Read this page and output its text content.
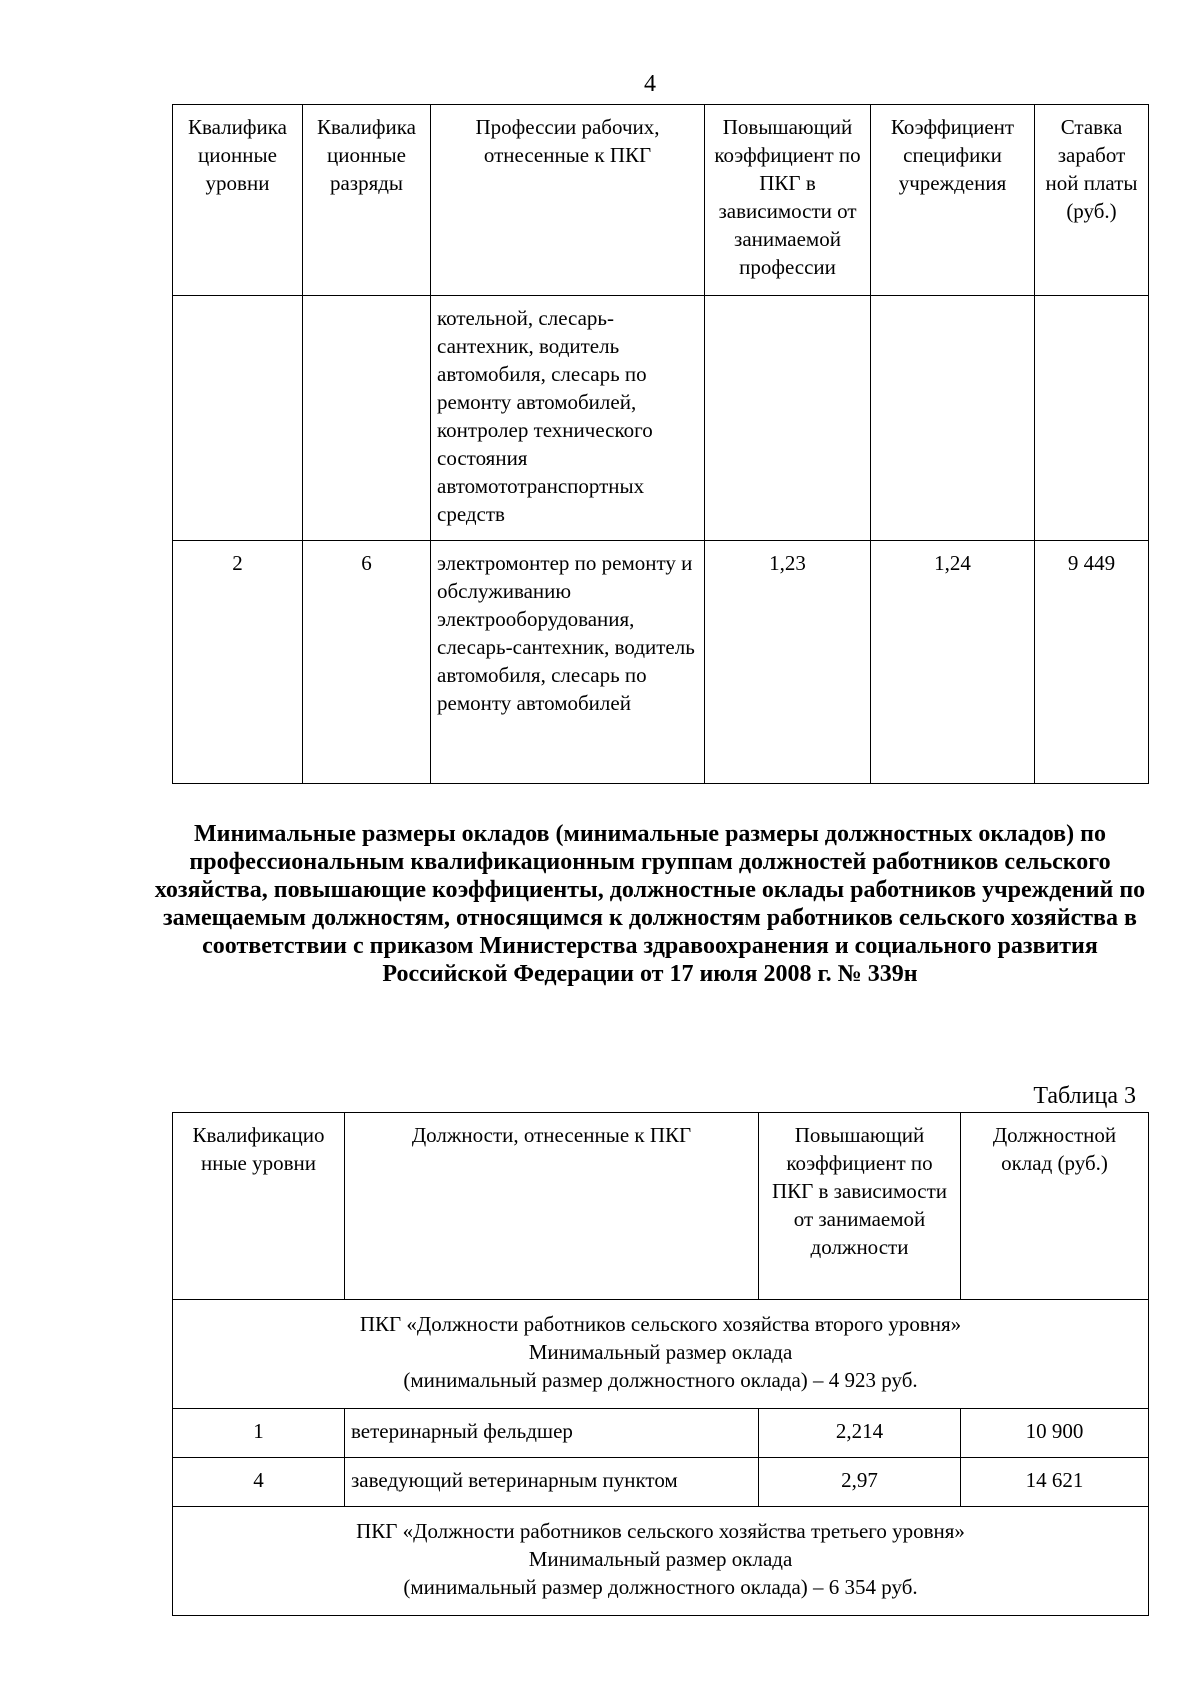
4
Квалифика ционные уровни	Квалифика ционные разряды	Профессии рабочих, отнесенные к ПКГ	Повышающий коэффициент по ПКГ в зависимости от занимаемой профессии	Коэффициент специфики учреждения	Ставка заработ ной платы (руб.)
		котельной, слесарь-сантехник, водитель автомобиля, слесарь по ремонту автомобилей, контролер технического состояния автомототранспортных средств			
2	6	электромонтер по ремонту и обслуживанию электрооборудования, слесарь-сантехник, водитель автомобиля, слесарь по ремонту автомобилей	1,23	1,24	9 449
Минимальные размеры окладов (минимальные размеры должностных окладов) по профессиональным квалификационным группам должностей работников сельского хозяйства, повышающие коэффициенты, должностные оклады работников учреждений по замещаемым должностям, относящимся к должностям работников сельского хозяйства в соответствии с приказом Министерства здравоохранения и социального развития Российской Федерации от 17 июля 2008 г. № 339н
Таблица 3
Квалификацио нные уровни	Должности, отнесенные к ПКГ	Повышающий коэффициент по ПКГ в зависимости от занимаемой должности	Должностной оклад (руб.)

ПКГ «Должности работников сельского хозяйства второго уровня»
Минимальный размер оклада
(минимальный размер должностного оклада) – 4 923 руб.			

1	ветеринарный фельдшер	2,214	10 900
4	заведующий ветеринарным пунктом	2,97	14 621

ПКГ «Должности работников сельского хозяйства третьего уровня»
Минимальный размер оклада
(минимальный размер должностного оклада) – 6 354 руб.			
